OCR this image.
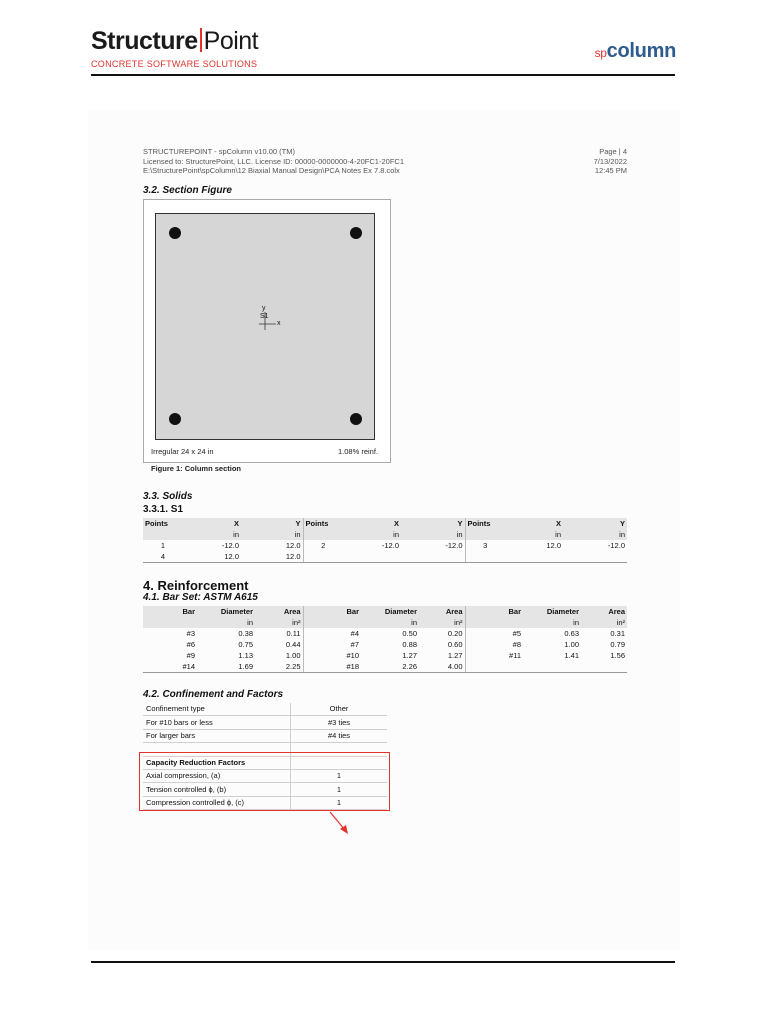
Structure Point
CONCRETE SOFTWARE SOLUTIONS
spcolumn
STRUCTUREPOINT - spColumn v10.00 (TM)
Licensed to: StructurePoint, LLC. License ID: 00000-0000000-4-20FC1-20FC1
E:\StructurePoint\spColumn\12 Biaxial Manual Design\PCA Notes Ex 7.8.colx
Page | 4
7/13/2022
12:45 PM
3.2. Section Figure
y
S1
x
Irregular 24 x 24 in	1.08% reinf.
Figure 1: Column section
3.3. Solids
3.3.1. S1
Points	X	Y	Points	X	Y	Points	X	Y
	in	in		in	in		in	in
1	-12.0	12.0	2	-12.0	-12.0	3	12.0	-12.0
4	12.0	12.0						
4. Reinforcement
4.1. Bar Set: ASTM A615
Bar	Diameter	Area	Bar	Diameter	Area	Bar	Diameter	Area
	in	in²		in	in²		in	in²
#3	0.38	0.11	#4	0.50	0.20	#5	0.63	0.31
#6	0.75	0.44	#7	0.88	0.60	#8	1.00	0.79
#9	1.13	1.00	#10	1.27	1.27	#11	1.41	1.56
#14	1.69	2.25	#18	2.26	4.00			
4.2. Confinement and Factors
Confinement type	Other
For #10 bars or less	#3 ties
For larger bars	#4 ties

Capacity Reduction Factors	
Axial compression, (a)	1
Tension controlled ϕ, (b)	1
Compression controlled ϕ, (c)	1
